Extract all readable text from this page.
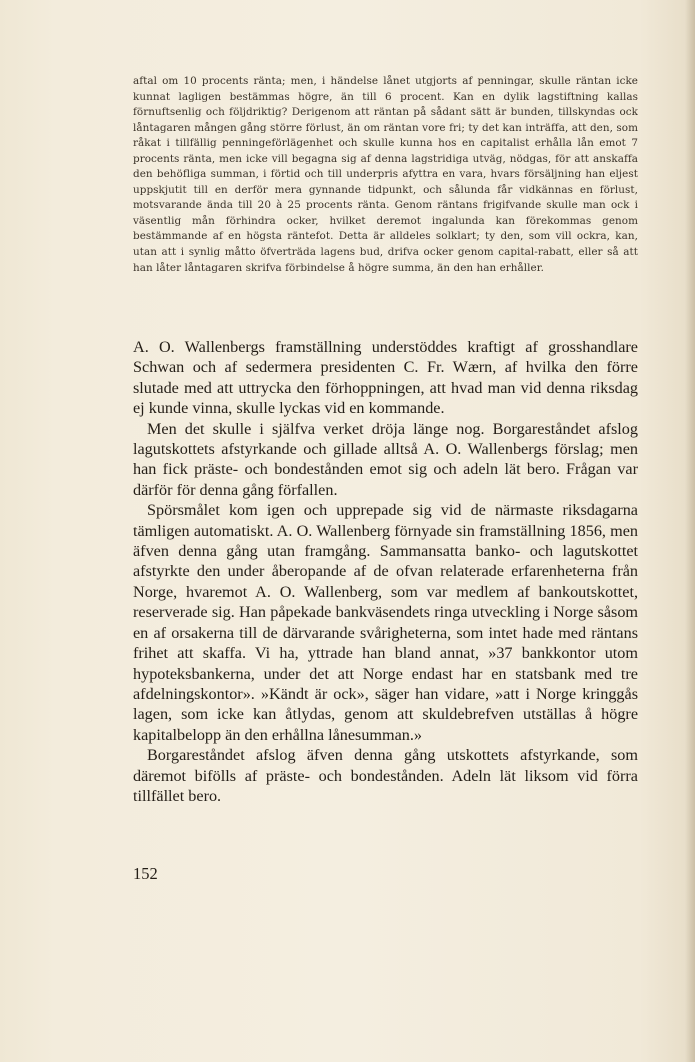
aftal om 10 procents ränta; men, i händelse lånet utgjorts af penningar, skulle räntan icke kunnat lagligen bestämmas högre, än till 6 procent. Kan en dylik lagstiftning kallas förnuftsenlig och följdriktig? Derigenom att räntan på sådant sätt är bunden, tillskyndas ock låntagaren mången gång större förlust, än om räntan vore fri; ty det kan inträffa, att den, som råkat i tillfällig penningeförlägenhet och skulle kunna hos en capitalist erhålla lån emot 7 procents ränta, men icke vill begagna sig af denna lagstridiga utväg, nödgas, för att anskaffa den behöfliga summan, i förtid och till underpris afyttra en vara, hvars försäljning han eljest uppskjutit till en derför mera gynnande tidpunkt, och sålunda får vidkännas en förlust, motsvarande ända till 20 à 25 procents ränta. Genom räntans frigifvande skulle man ock i väsentlig mån förhindra ocker, hvilket deremot ingalunda kan förekommas genom bestämmande af en högsta räntefot. Detta är alldeles solklart; ty den, som vill ockra, kan, utan att i synlig måtto öfverträda lagens bud, drifva ocker genom capital-rabatt, eller så att han låter låntagaren skrifva förbindelse å högre summa, än den han erhåller.

A. O. Wallenbergs framställning understöddes kraftigt af grosshandlare Schwan och af sedermera presidenten C. Fr. Wærn, af hvilka den förre slutade med att uttrycka den förhoppningen, att hvad man vid denna riksdag ej kunde vinna, skulle lyckas vid en kommande.

Men det skulle i själfva verket dröja länge nog. Borgareståndet afslog lagutskottets afstyrkande och gillade alltså A. O. Wallenbergs förslag; men han fick präste- och bondestånden emot sig och adeln lät bero. Frågan var därför för denna gång förfallen.

Spörsmålet kom igen och upprepade sig vid de närmaste riksdagarna tämligen automatiskt. A. O. Wallenberg förnyade sin framställning 1856, men äfven denna gång utan framgång. Sammansatta banko- och lagutskottet afstyrkte den under åberopande af de ofvan relaterade erfarenheterna från Norge, hvaremot A. O. Wallenberg, som var medlem af bankoutskottet, reserverade sig. Han påpekade bankväsendets ringa utveckling i Norge såsom en af orsakerna till de därvarande svårigheterna, som intet hade med räntans frihet att skaffa. Vi ha, yttrade han bland annat, »37 bankkontor utom hypoteksbankerna, under det att Norge endast har en statsbank med tre afdelningskontor». »Kändt är ock», säger han vidare, »att i Norge kringgås lagen, som icke kan åtlydas, genom att skuldebrefven utställas å högre kapitalbelopp än den erhållna lånesumman.»

Borgareståndet afslog äfven denna gång utskottets afstyrkande, som däremot bifölls af präste- och bondestånden. Adeln lät liksom vid förra tillfället bero.

152
